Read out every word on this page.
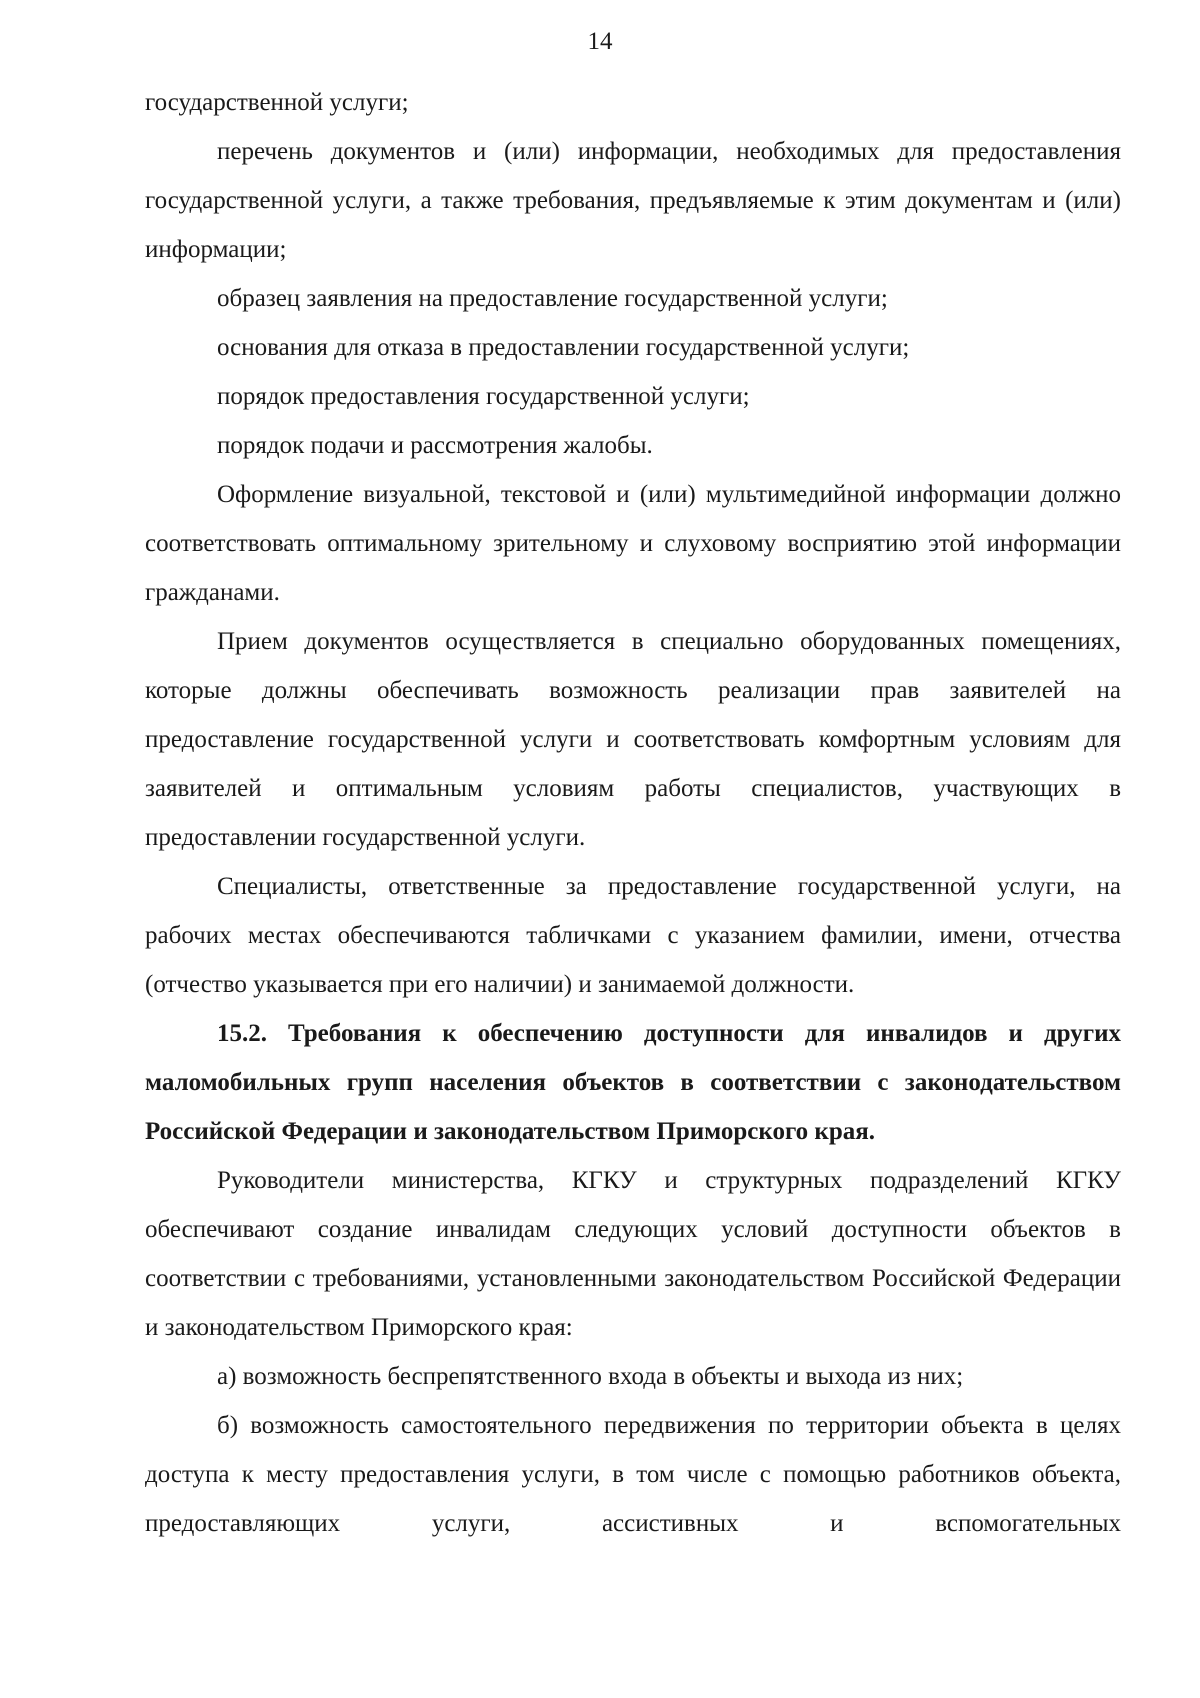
14

государственной услуги;

перечень документов и (или) информации, необходимых для предоставления государственной услуги, а также требования, предъявляемые к этим документам и (или) информации;

образец заявления на предоставление государственной услуги;

основания для отказа в предоставлении государственной услуги;

порядок предоставления государственной услуги;

порядок подачи и рассмотрения жалобы.

Оформление визуальной, текстовой и (или) мультимедийной информации должно соответствовать оптимальному зрительному и слуховому восприятию этой информации гражданами.

Прием документов осуществляется в специально оборудованных помещениях, которые должны обеспечивать возможность реализации прав заявителей на предоставление государственной услуги и соответствовать комфортным условиям для заявителей и оптимальным условиям работы специалистов, участвующих в предоставлении государственной услуги.

Специалисты, ответственные за предоставление государственной услуги, на рабочих местах обеспечиваются табличками с указанием фамилии, имени, отчества (отчество указывается при его наличии) и занимаемой должности.

15.2. Требования к обеспечению доступности для инвалидов и других маломобильных групп населения объектов в соответствии с законодательством Российской Федерации и законодательством Приморского края.

Руководители министерства, КГКУ и структурных подразделений КГКУ обеспечивают создание инвалидам следующих условий доступности объектов в соответствии с требованиями, установленными законодательством Российской Федерации и законодательством Приморского края:

а) возможность беспрепятственного входа в объекты и выхода из них;

б) возможность самостоятельного передвижения по территории объекта в целях доступа к месту предоставления услуги, в том числе с помощью работников объекта, предоставляющих услуги, ассистивных и вспомогательных
